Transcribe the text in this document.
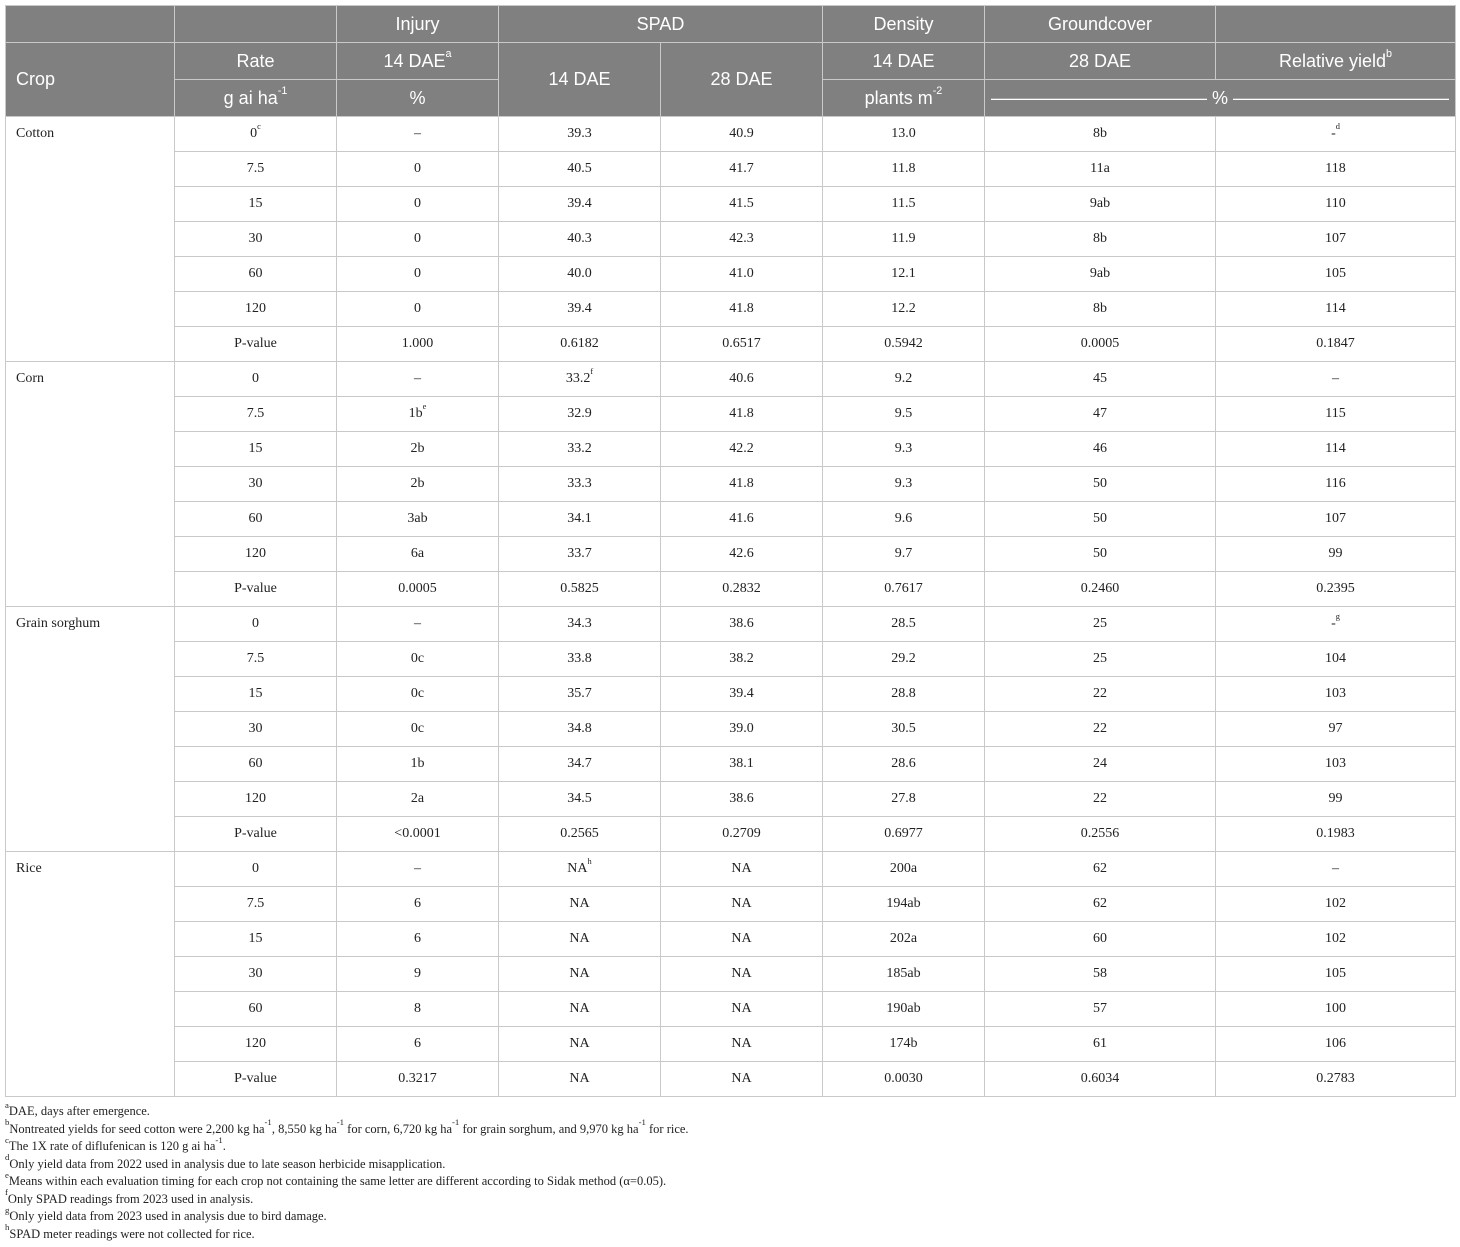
		Injury	SPAD		Density	Groundcover	
Crop	Rate	14 DAE$^a$	14 DAE	28 DAE	14 DAE	28 DAE	Relative yield$^b$
	g ai $ha^{-1}$	%			plants $m^{-2}$	———————————— % ————————————	
Cotton	0$^c$	–	39.3	40.9	13.0	8b	-$^d$
	7.5	0	40.5	41.7	11.8	11a	118
	15	0	39.4	41.5	11.5	9ab	110
	30	0	40.3	42.3	11.9	8b	107
	60	0	40.0	41.0	12.1	9ab	105
	120	0	39.4	41.8	12.2	8b	114
	P-value	1.000	0.6182	0.6517	0.5942	0.0005	0.1847
Corn	0	–	33.2$^f$	40.6	9.2	45	–
	7.5	$1b^e$	32.9	41.8	9.5	47	115
	15	2b	33.2	42.2	9.3	46	114
	30	2b	33.3	41.8	9.3	50	116
	60	3ab	34.1	41.6	9.6	50	107
	120	6a	33.7	42.6	9.7	50	99
	P-value	0.0005	0.5825	0.2832	0.7617	0.2460	0.2395
Grain sorghum	0	–	34.3	38.6	28.5	25	-$^g$
	7.5	0c	33.8	38.2	29.2	25	104
	15	0c	35.7	39.4	28.8	22	103
	30	0c	34.8	39.0	30.5	22	97
	60	1b	34.7	38.1	28.6	24	103
	120	2a	34.5	38.6	27.8	22	99
	P-value	<0.0001	0.2565	0.2709	0.6977	0.2556	0.1983
Rice	0	–	$NA^h$	NA	200a	62	–
	7.5	6	NA	NA	194ab	62	102
	15	6	NA	NA	202a	60	102
	30	9	NA	NA	185ab	58	105
	60	8	NA	NA	190ab	57	100
	120	6	NA	NA	174b	61	106
	P-value	0.3217	NA	NA	0.0030	0.6034	0.2783
$^a$DAE, days after emergence.
$^b$Nontreated yields for seed cotton were 2,200 kg $ha^{-1}$, 8,550 kg $ha^{-1}$ for corn, 6,720 kg $ha^{-1}$ for grain sorghum, and 9,970 kg $ha^{-1}$ for rice.
$^c$The 1X rate of diflufenican is 120 g ai $ha^{-1}$.
$^d$Only yield data from 2022 used in analysis due to late season herbicide misapplication.
$^e$Means within each evaluation timing for each crop not containing the same letter are different according to Sidak method (α=0.05).
$^f$Only SPAD readings from 2023 used in analysis.
$^g$Only yield data from 2023 used in analysis due to bird damage.
$^h$SPAD meter readings were not collected for rice.
